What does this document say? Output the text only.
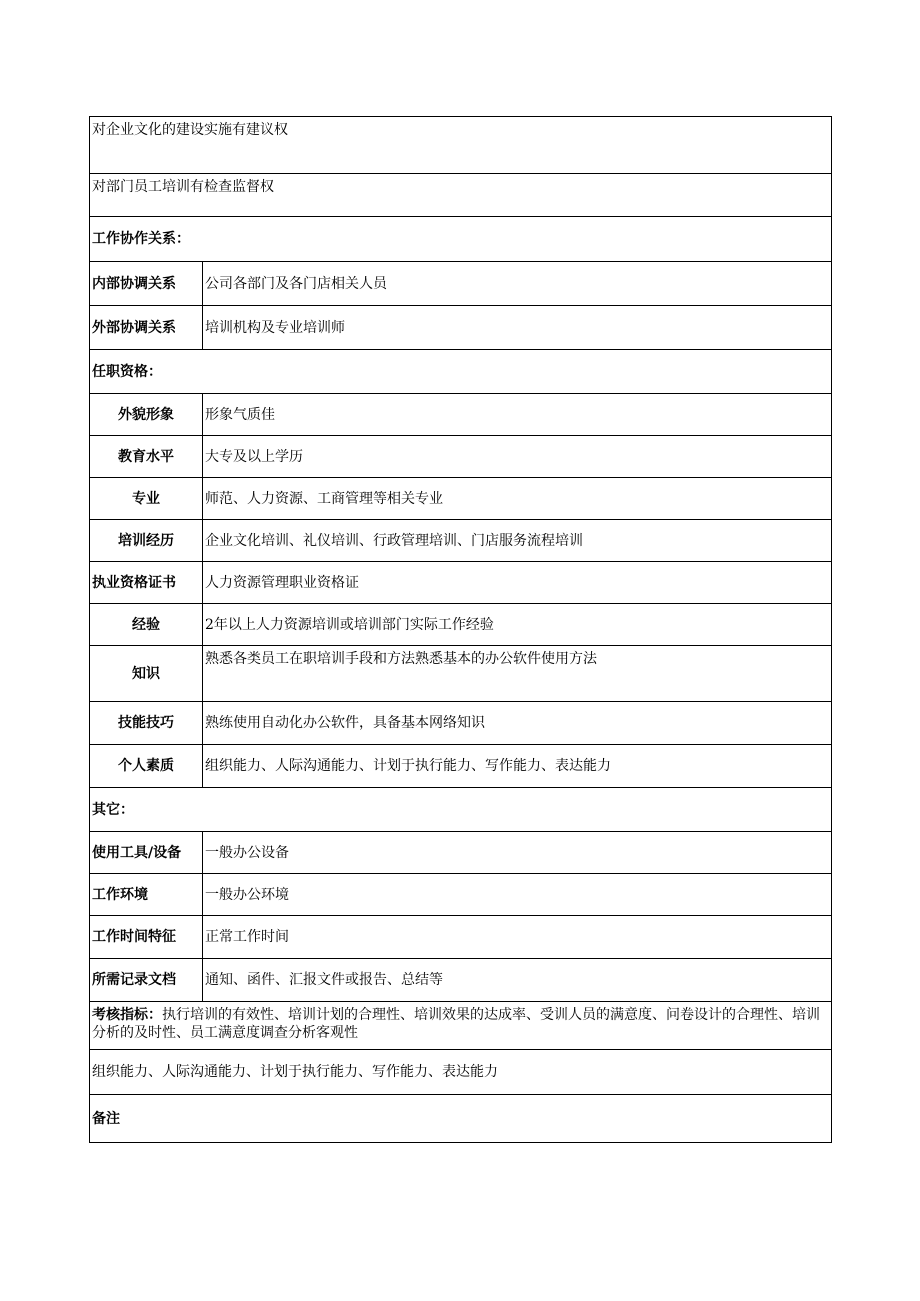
对企业文化的建设实施有建议权	
对部门员工培训有检查监督权	
工作协作关系：	
内部协调关系	公司各部门及各门店相关人员
外部协调关系	培训机构及专业培训师
任职资格：	
外貌形象	形象气质佳
教育水平	大专及以上学历
专业	师范、人力资源、工商管理等相关专业
培训经历	企业文化培训、礼仪培训、行政管理培训、门店服务流程培训
执业资格证书	人力资源管理职业资格证
经验	2年以上人力资源培训或培训部门实际工作经验
知识	熟悉各类员工在职培训手段和方法熟悉基本的办公软件使用方法
技能技巧	熟练使用自动化办公软件，具备基本网络知识
个人素质	组织能力、人际沟通能力、计划于执行能力、写作能力、表达能力
其它：	
使用工具/设备	一般办公设备
工作环境	一般办公环境
工作时间特征	正常工作时间
所需记录文档	通知、函件、汇报文件或报告、总结等
考核指标：执行培训的有效性、培训计划的合理性、培训效果的达成率、受训人员的满意度、问卷设计的合理性、培训分析的及时性、员工满意度调查分析客观性	
组织能力、人际沟通能力、计划于执行能力、写作能力、表达能力	
备注	
